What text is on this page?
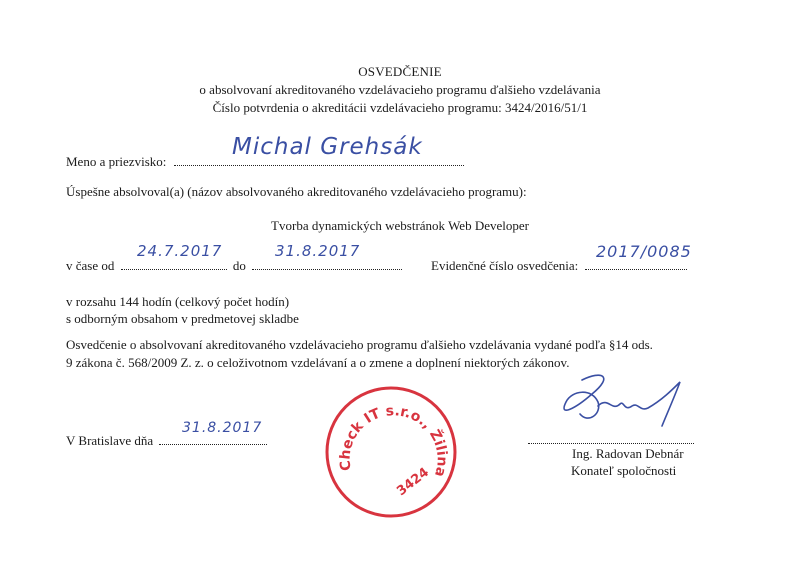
OSVEDČENIE
o absolvovaní akreditovaného vzdelávacieho programu ďalšieho vzdelávania
Číslo potvrdenia o akreditácii vzdelávacieho programu: 3424/2016/51/1
Meno a priezvisko:
Michal Grehsák
Úspešne absolvoval(a) (názov absolvovaného akreditovaného vzdelávacieho programu):
Tvorba dynamických webstránok Web Developer
v čase od	do
24.7.2017	31.8.2017
Evidenčné číslo osvedčenia:
2017/0085
v rozsahu 144 hodín (celkový počet hodín)
s odborným obsahom v predmetovej skladbe
Osvedčenie o absolvovaní akreditovaného vzdelávacieho programu ďalšieho vzdelávania vydané podľa §14 ods.
9 zákona č. 568/2009 Z. z. o celoživotnom vzdelávaní a o zmene a doplnení niektorých zákonov.
V Bratislave dňa
31.8.2017
Check IT s.r.o., Žilina
3424
Ing. Radovan Debnár
Konateľ spoločnosti
